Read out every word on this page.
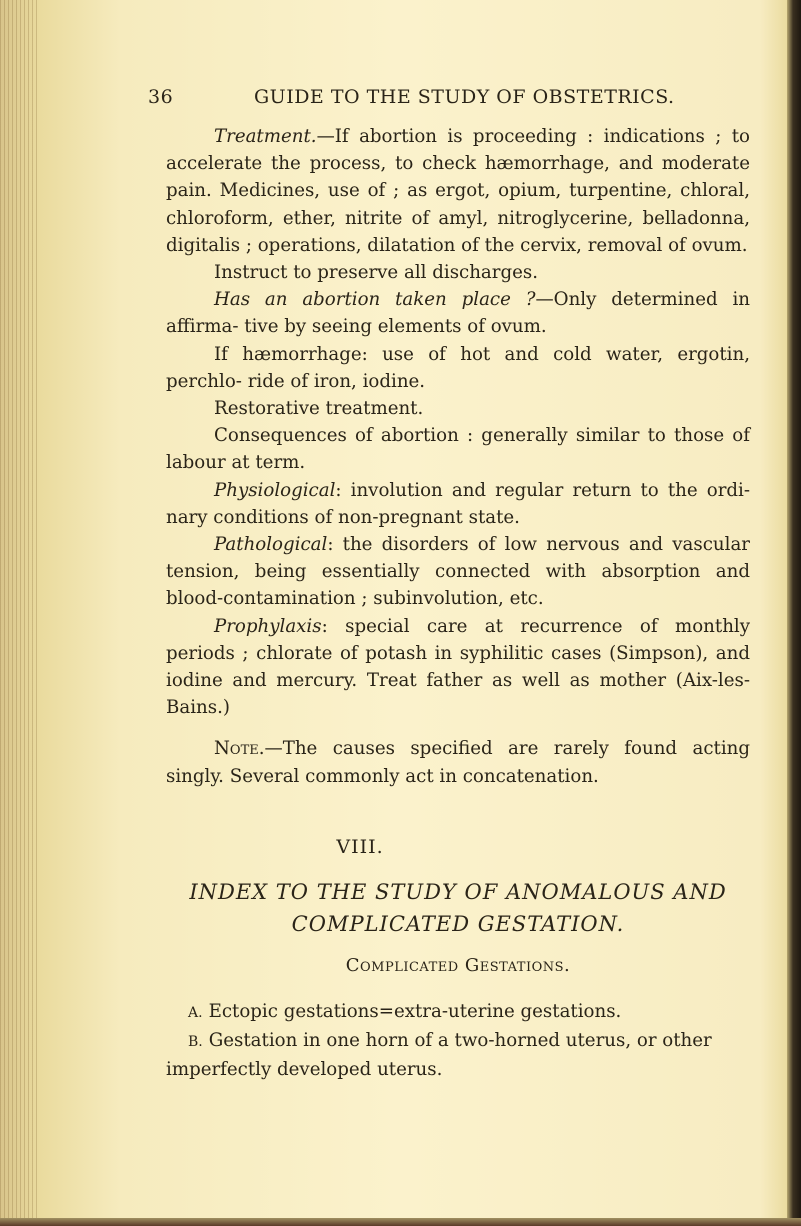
36	GUIDE TO THE STUDY OF OBSTETRICS.

Treatment.—If abortion is proceeding : indications ; to accelerate the process, to check hæmorrhage, and moderate pain. Medicines, use of ; as ergot, opium, turpentine, chloral, chloroform, ether, nitrite of amyl, nitroglycerine, belladonna, digitalis ; operations, dilatation of the cervix, removal of ovum.

Instruct to preserve all discharges.

Has an abortion taken place ?—Only determined in affirma- tive by seeing elements of ovum.

If hæmorrhage: use of hot and cold water, ergotin, perchlo- ride of iron, iodine.

Restorative treatment.

Consequences of abortion : generally similar to those of labour at term.

Physiological: involution and regular return to the ordi- nary conditions of non-pregnant state.

Pathological: the disorders of low nervous and vascular tension, being essentially connected with absorption and blood-contamination ; subinvolution, etc.

Prophylaxis: special care at recurrence of monthly periods ; chlorate of potash in syphilitic cases (Simpson), and iodine and mercury. Treat father as well as mother (Aix-les-Bains.)

Note.—The causes specified are rarely found acting singly. Several commonly act in concatenation.

VIII.
INDEX TO THE STUDY OF ANOMALOUS AND
COMPLICATED GESTATION.
Complicated Gestations.

A. Ectopic gestations=extra-uterine gestations.

B. Gestation in one horn of a two-horned uterus, or other

imperfectly developed uterus.
